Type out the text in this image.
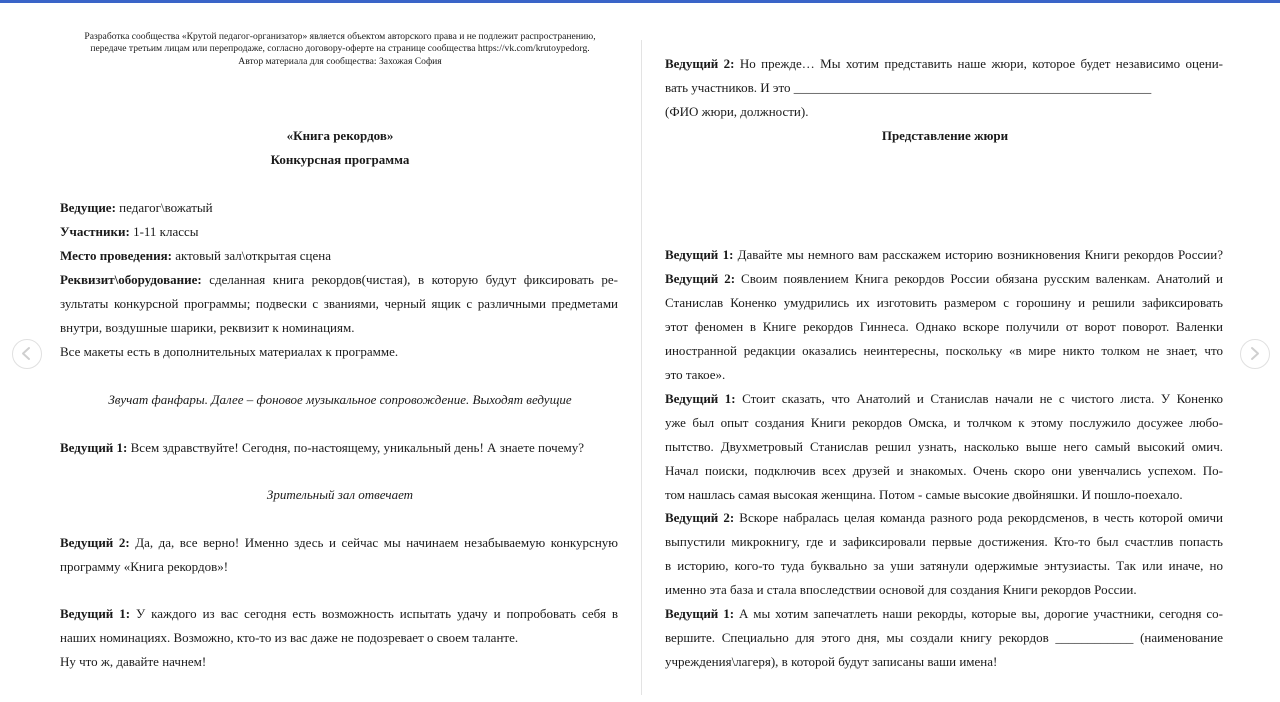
Разработка сообщества «Крутой педагог-организатор» является объектом авторского права и не подлежит распространению,
передаче третьим лицам или перепродаже, согласно договору-оферте на странице сообщества https://vk.com/krutoypedorg.
Автор материала для сообщества: Захожая София
«Книга рекордов»
Конкурсная программа
Ведущие: педагог\вожатый
Участники: 1-11 классы
Место проведения: актовый зал\открытая сцена
Реквизит\оборудование: сделанная книга рекордов(чистая), в которую будут фиксировать ре-
зультаты конкурсной программы; подвески с званиями, черный ящик с различными предметами
внутри, воздушные шарики, реквизит к номинациям.
Все макеты есть в дополнительных материалах к программе.
Звучат фанфары. Далее – фоновое музыкальное сопровождение. Выходят ведущие
Ведущий 1: Всем здравствуйте! Сегодня, по-настоящему, уникальный день! А знаете почему?
Зрительный зал отвечает
Ведущий 2: Да, да, все верно! Именно здесь и сейчас мы начинаем незабываемую конкурсную
программу «Книга рекордов»!
Ведущий 1: У каждого из вас сегодня есть возможность испытать удачу и попробовать себя в
наших номинациях. Возможно, кто-то из вас даже не подозревает о своем таланте.
Ну что ж, давайте начнем!
Ведущий 2: Но прежде… Мы хотим представить наше жюри, которое будет независимо оцени-
вать участников. И это _______________________________________________________
(ФИО жюри, должности).
Представление жюри
Ведущий 1: Давайте мы немного вам расскажем историю возникновения Книги рекордов России?
Ведущий 2: Своим появлением Книга рекордов России обязана русским валенкам. Анатолий и
Станислав Коненко умудрились их изготовить размером с горошину и решили зафиксировать
этот феномен в Книге рекордов Гиннеса. Однако вскоре получили от ворот поворот. Валенки
иностранной редакции оказались неинтересны, поскольку «в мире никто толком не знает, что
это такое».
Ведущий 1: Стоит сказать, что Анатолий и Станислав начали не с чистого листа. У Коненко
уже был опыт создания Книги рекордов Омска, и толчком к этому послужило досужее любо-
пытство. Двухметровый Станислав решил узнать, насколько выше него самый высокий омич.
Начал поиски, подключив всех друзей и знакомых. Очень скоро они увенчались успехом. По-
том нашлась самая высокая женщина. Потом - самые высокие двойняшки. И пошло-поехало.
Ведущий 2: Вскоре набралась целая команда разного рода рекордсменов, в честь которой омичи
выпустили микрокнигу, где и зафиксировали первые достижения. Кто-то был счастлив попасть
в историю, кого-то туда буквально за уши затянули одержимые энтузиасты. Так или иначе, но
именно эта база и стала впоследствии основой для создания Книги рекордов России.
Ведущий 1: А мы хотим запечатлеть наши рекорды, которые вы, дорогие участники, сегодня со-
вершите. Специально для этого дня, мы создали книгу рекордов ____________ (наименование
учреждения\лагеря), в которой будут записаны ваши имена!
